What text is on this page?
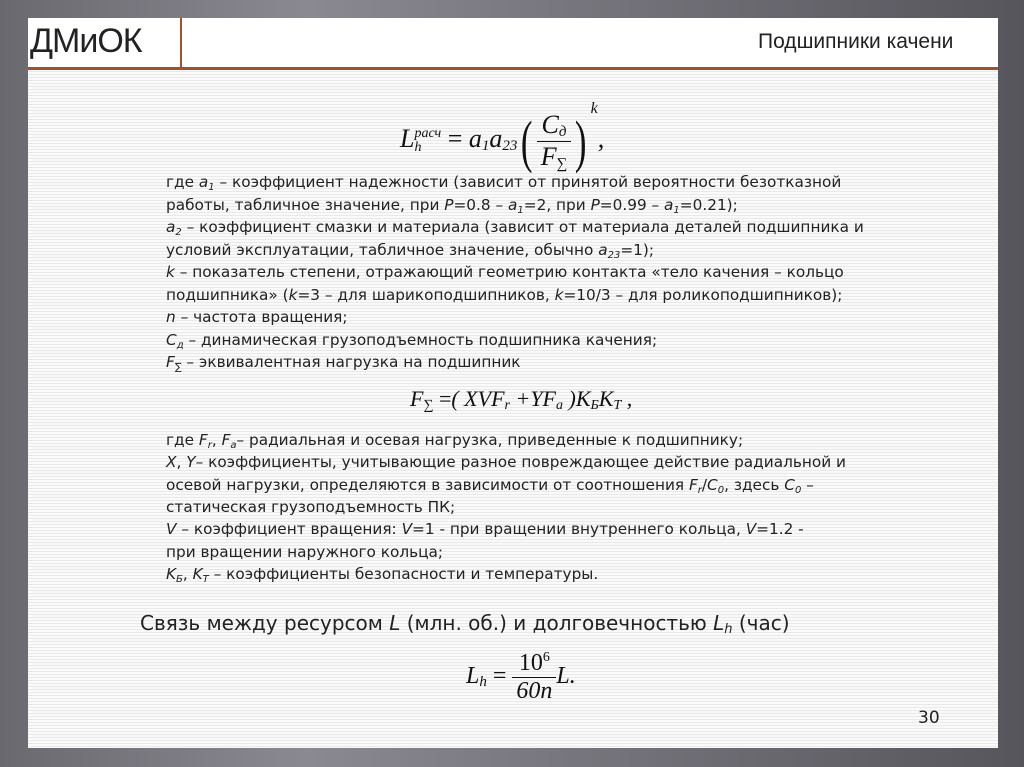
ДМиОК	Подшипники качени
L расч
h	= $a_1a_{23}( \frac{C_д}{F_\sum} )^k$,
где $a_1$ – коэффициент надежности (зависит от принятой вероятности безотказной
работы, табличное значение, при $P=0.8 - a_1=2$, при $P=0.99 - a_1=0.21$);
$a_2$ – коэффициент смазки и материала (зависит от материала деталей подшипника и
условий эксплуатации, табличное значение, обычно $a_{23}=1$);
k – показатель степени, отражающий геометрию контакта «тело качения – кольцо
подшипника» (k=3 – для шарикоподшипников, k=10/3 – для роликоподшипников);
n – частота вращения;
$C_д$ – динамическая грузоподъемность подшипника качения;
$F_\sum$ – эквивалентная нагрузка на подшипник
$F_\sum$ =( $XVF_r +YF_a$ )$K_БK_T$ ,
где $F_r$, $F_a-$ радиальная и осевая нагрузка, приведенные к подшипнику;
X, Y– коэффициенты, учитывающие разное повреждающее действие радиальной и
осевой нагрузки, определяются в зависимости от соотношения $F_r/C_0$, здесь $C_0$ –
статическая грузоподъемность ПК;
V – коэффициент вращения: V=1 - при вращении внутреннего кольца, V=1.2 -
при вращении наружного кольца;
$K_Б$, $K_T$ – коэффициенты безопасности и температуры.
Связь между ресурсом L (млн. об.) и долговечностью $L_h$ (час)
$L_h = \frac{10^6}{60n} L$.
30
